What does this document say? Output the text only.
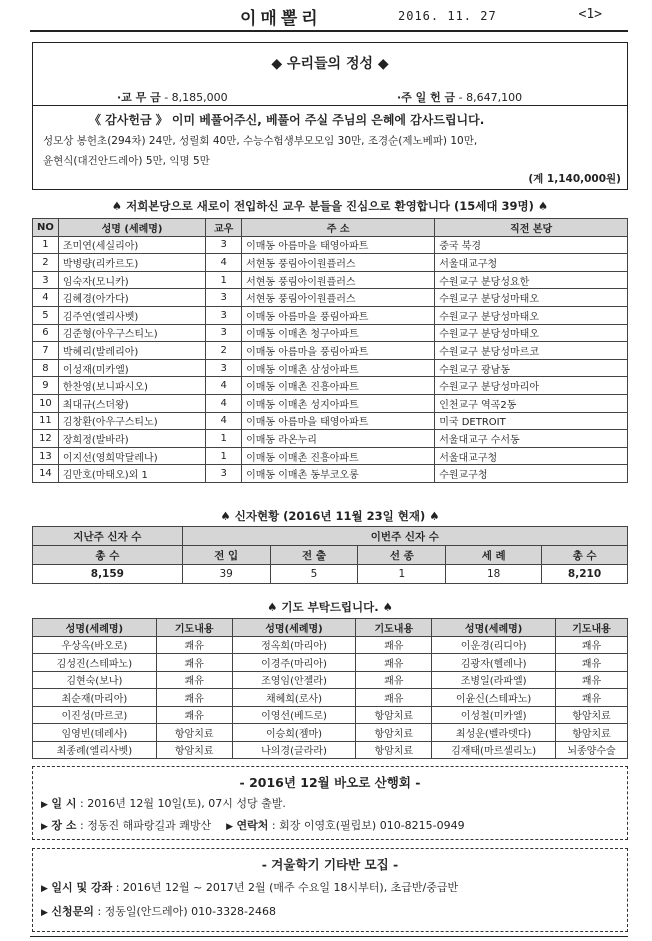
이매뽈리	2016. 11. 27	<1>
◆ 우리들의 정성 ◆
·교 무 금 - 8,185,000	·주 일 헌 금 - 8,647,100
《 감사헌금 》 이미 베풀어주신, 베풀어 주실 주님의 은혜에 감사드립니다.
성모상 봉헌초(294차) 24만, 성릴회 40만, 수능수험생부모모임 30만, 조경순(제노베파) 10만,
윤현식(대건안드레아) 5만, 익명 5만
(계 1,140,000원)
♠ 저희본당으로 새로이 전입하신 교우 분들을 진심으로 환영합니다 (15세대 39명) ♠
NO	성명 (세례명)	교우	주 소	직전 본당
1	조미연(세실리아)	3	이매동 아름마을 태영아파트	중국 북경
2	박병량(리카르도)	4	서현동 풍림아이원플러스	서울대교구청
3	임숙자(모니카)	1	서현동 풍림아이원플러스	수원교구 분당성요한
4	김혜경(아가다)	3	서현동 풍림아이원플러스	수원교구 분당성마태오
5	김주연(엘리사벳)	3	이매동 아름마을 풍림아파트	수원교구 분당성마태오
6	김준형(아우구스티노)	3	이매동 이매촌 청구아파트	수원교구 분당성마태오
7	박혜리(발레리아)	2	이매동 아름마을 풍림아파트	수원교구 분당성마르코
8	이성재(미카엘)	3	이매동 이매촌 삼성아파트	수원교구 광남동
9	한찬영(보니파시오)	4	이매동 이매촌 진흥아파트	수원교구 분당성마리아
10	최대규(스더왕)	4	이매동 이매촌 성지아파트	인천교구 역곡2동
11	김창환(아우구스티노)	4	이매동 아름마을 태영아파트	미국 DETROIT
12	장희정(발바라)	1	이매동 라온누리	서울대교구 수서동
13	이지선(영희막달레나)	1	이매동 이매촌 진흥아파트	서울대교구청
14	김만호(마태오)외 1	3	이매동 이매촌 동부코오롱	수원교구청
♠ 신자현황 (2016년 11월 23일 현재) ♠
지난주 신자 수	이번주 신자 수				
총 수	전 입	전 출	선 종	세 례	총 수
8,159	39	5	1	18	8,210
♠ 기도 부탁드립니다. ♠
성명(세례명)	기도내용	성명(세례명)	기도내용	성명(세례명)	기도내용
우상옥(바오로)	쾌유	정옥희(마리아)	쾌유	이운경(리디아)	쾌유
김성진(스테파노)	쾌유	이경주(마리아)	쾌유	김광자(헬레나)	쾌유
김현숙(보나)	쾌유	조영임(안젤라)	쾌유	조병일(라파엘)	쾌유
최순재(마리아)	쾌유	채혜희(로사)	쾌유	이윤신(스테파노)	쾌유
이진성(마르코)	쾌유	이영선(베드로)	항암치료	이성철(미카엘)	항암치료
임영빈(데레사)	항암치료	이승희(젬마)	항암치료	최성운(벨라뎃다)	항암치료
최종례(엘리사벳)	항암치료	나의경(글라라)	항암치료	김재태(마르셀리노)	뇌종양수술
- 2016년 12월 바오로 산행회 -
▶ 일 시 : 2016년 12월 10일(토), 07시 성당 출발.
▶ 장 소 : 정동진 해파랑길과 쾌방산 ▶ 연락처 : 회장 이영호(필립보) 010-8215-0949
- 겨울학기 기타반 모집 -
▶ 일시 및 강좌 : 2016년 12월 ~ 2017년 2월 (매주 수요일 18시부터), 초급반/중급반
▶ 신청문의 : 정동일(안드레아) 010-3328-2468
